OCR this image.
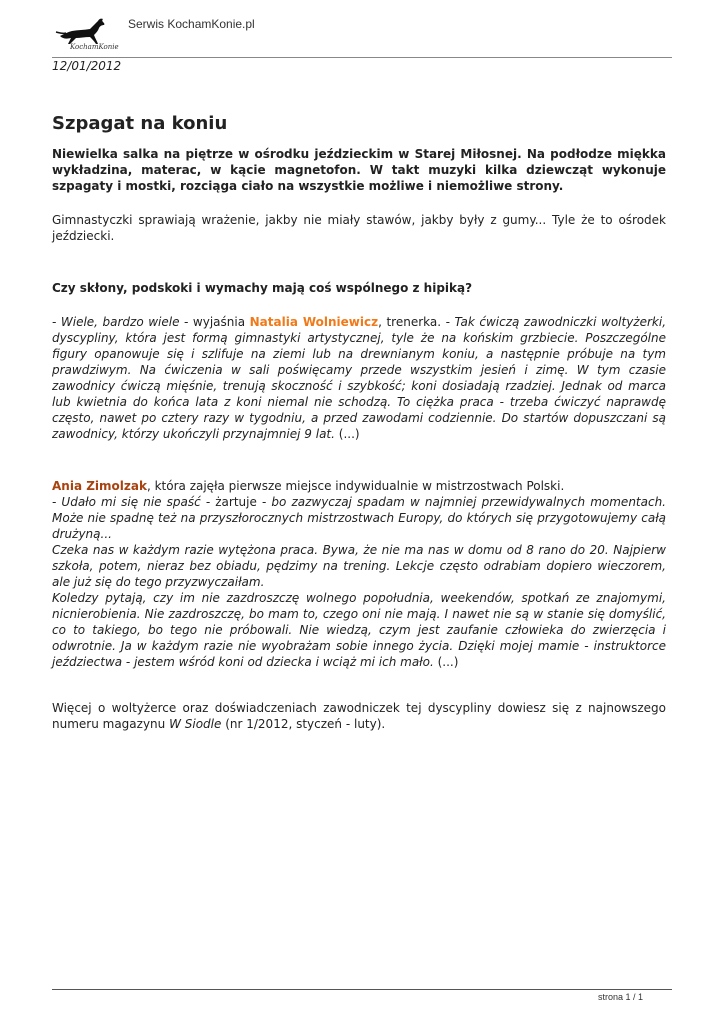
KochamKonie
Serwis KochamKonie.pl
12/01/2012
Szpagat na koniu

Niewielka salka na piętrze w ośrodku jeździeckim w Starej Miłosnej. Na podłodze miękka wykładzina, materac, w kącie magnetofon. W takt muzyki kilka dziewcząt wykonuje szpagaty i mostki, rozciąga ciało na wszystkie możliwe i niemożliwe strony.

Gimnastyczki sprawiają wrażenie, jakby nie miały stawów, jakby były z gumy... Tyle że to ośrodek jeździecki.

Czy skłony, podskoki i wymachy mają coś wspólnego z hipiką?

- Wiele, bardzo wiele - wyjaśnia Natalia Wolniewicz, trenerka. - Tak ćwiczą zawodniczki woltyżerki, dyscypliny, która jest formą gimnastyki artystycznej, tyle że na końskim grzbiecie. Poszczególne figury opanowuje się i szlifuje na ziemi lub na drewnianym koniu, a następnie próbuje na tym prawdziwym. Na ćwiczenia w sali poświęcamy przede wszystkim jesień i zimę. W tym czasie zawodnicy ćwiczą mięśnie, trenują skoczność i szybkość; koni dosiadają rzadziej. Jednak od marca lub kwietnia do końca lata z koni niemal nie schodzą. To ciężka praca - trzeba ćwiczyć naprawdę często, nawet po cztery razy w tygodniu, a przed zawodami codziennie. Do startów dopuszczani są zawodnicy, którzy ukończyli przynajmniej 9 lat. (...)

Ania Zimolzak, która zajęła pierwsze miejsce indywidualnie w mistrzostwach Polski.
- Udało mi się nie spaść - żartuje - bo zazwyczaj spadam w najmniej przewidywalnych momentach. Może nie spadnę też na przyszłorocznych mistrzostwach Europy, do których się przygotowujemy całą drużyną...
Czeka nas w każdym razie wytężona praca. Bywa, że nie ma nas w domu od 8 rano do 20. Najpierw szkoła, potem, nieraz bez obiadu, pędzimy na trening. Lekcje często odrabiam dopiero wieczorem, ale już się do tego przyzwyczaiłam.
Koledzy pytają, czy im nie zazdroszczę wolnego popołudnia, weekendów, spotkań ze znajomymi, nicnierobienia. Nie zazdroszczę, bo mam to, czego oni nie mają. I nawet nie są w stanie się domyślić, co to takiego, bo tego nie próbowali. Nie wiedzą, czym jest zaufanie człowieka do zwierzęcia i odwrotnie. Ja w każdym razie nie wyobrażam sobie innego życia. Dzięki mojej mamie - instruktorce jeździectwa - jestem wśród koni od dziecka i wciąż mi ich mało. (...)

Więcej o woltyżerce oraz doświadczeniach zawodniczek tej dyscypliny dowiesz się z najnowszego numeru magazynu W Siodle (nr 1/2012, styczeń - luty).

strona 1 / 1
